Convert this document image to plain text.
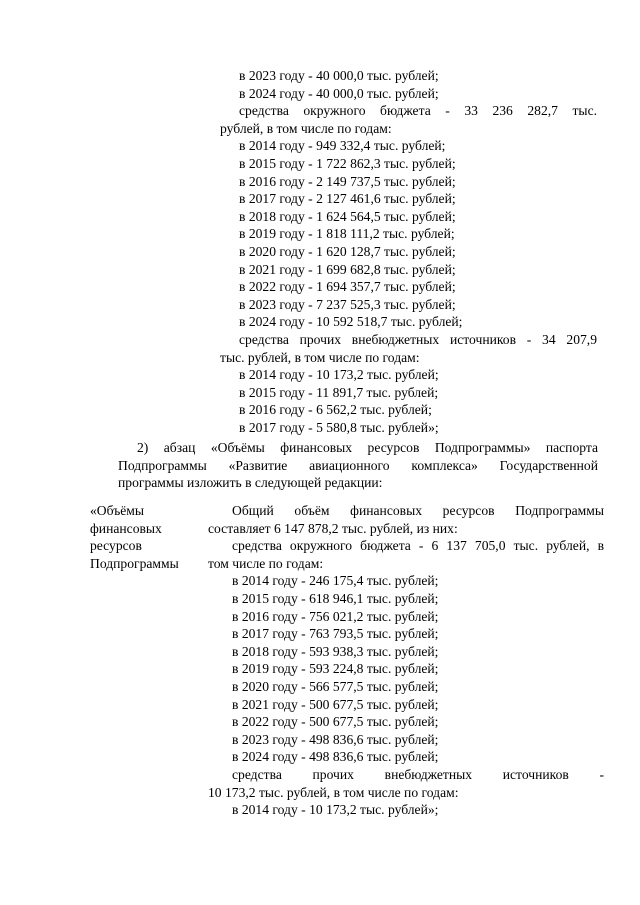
в 2023 году - 40 000,0 тыс. рублей;
в 2024 году - 40 000,0 тыс. рублей;
средства окружного бюджета - 33 236 282,7 тыс.
рублей, в том числе по годам:
в 2014 году - 949 332,4 тыс. рублей;
в 2015 году - 1 722 862,3 тыс. рублей;
в 2016 году - 2 149 737,5 тыс. рублей;
в 2017 году - 2 127 461,6 тыс. рублей;
в 2018 году - 1 624 564,5 тыс. рублей;
в 2019 году - 1 818 111,2 тыс. рублей;
в 2020 году - 1 620 128,7 тыс. рублей;
в 2021 году - 1 699 682,8 тыс. рублей;
в 2022 году - 1 694 357,7 тыс. рублей;
в 2023 году - 7 237 525,3 тыс. рублей;
в 2024 году - 10 592 518,7 тыс. рублей;
средства прочих внебюджетных источников - 34 207,9
тыс. рублей, в том числе по годам:
в 2014 году - 10 173,2 тыс. рублей;
в 2015 году - 11 891,7 тыс. рублей;
в 2016 году - 6 562,2 тыс. рублей;
в 2017 году - 5 580,8 тыс. рублей»;
2) абзац «Объёмы финансовых ресурсов Подпрограммы» паспорта
Подпрограммы «Развитие авиационного комплекса» Государственной
программы изложить в следующей редакции:
«Объёмы
финансовых
ресурсов
Подпрограммы
Общий объём финансовых ресурсов Подпрограммы
составляет 6 147 878,2 тыс. рублей, из них:
средства окружного бюджета - 6 137 705,0 тыс. рублей, в
том числе по годам:
в 2014 году - 246 175,4 тыс. рублей;
в 2015 году - 618 946,1 тыс. рублей;
в 2016 году - 756 021,2 тыс. рублей;
в 2017 году - 763 793,5 тыс. рублей;
в 2018 году - 593 938,3 тыс. рублей;
в 2019 году - 593 224,8 тыс. рублей;
в 2020 году - 566 577,5 тыс. рублей;
в 2021 году - 500 677,5 тыс. рублей;
в 2022 году - 500 677,5 тыс. рублей;
в 2023 году - 498 836,6 тыс. рублей;
в 2024 году - 498 836,6 тыс. рублей;
средства прочих внебюджетных источников -
10 173,2 тыс. рублей, в том числе по годам:
в 2014 году - 10 173,2 тыс. рублей»;
